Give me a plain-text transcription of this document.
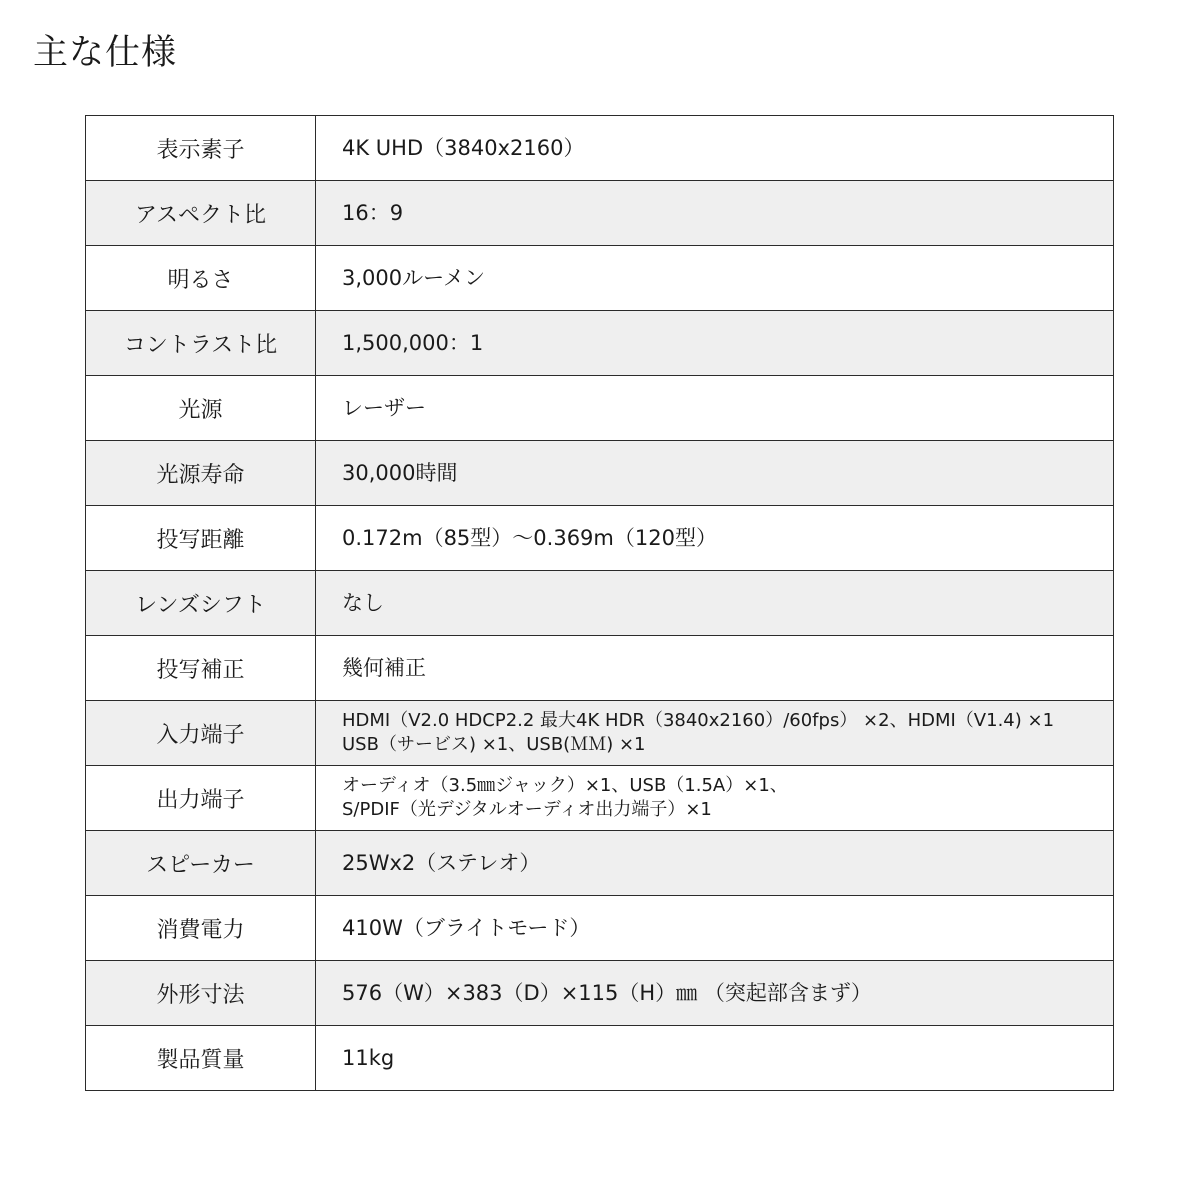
主な仕様
表示素子	4K UHD（3840x2160）

アスペクト比	16：9

明るさ	3,000ルーメン

コントラスト比	1,500,000：1

光源	レーザー

光源寿命	30,000時間

投写距離	0.172m（85型）～0.369m（120型）

レンズシフト	なし

投写補正	幾何補正

入力端子	HDMI（V2.0 HDCP2.2 最大4K HDR（3840x2160）/60fps） ×2、HDMI（V1.4) ×1
USB（サービス) ×1、USB(ＭＭ) ×1

出力端子	オーディオ（3.5㎜ジャック）×1、USB（1.5A）×1、
S/PDIF（光デジタルオーディオ出力端子）×1

スピーカー	25Wx2（ステレオ）

消費電力	410W（ブライトモード）

外形寸法	576（W）×383（D）×115（H）㎜ （突起部含まず）

製品質量	11kg
